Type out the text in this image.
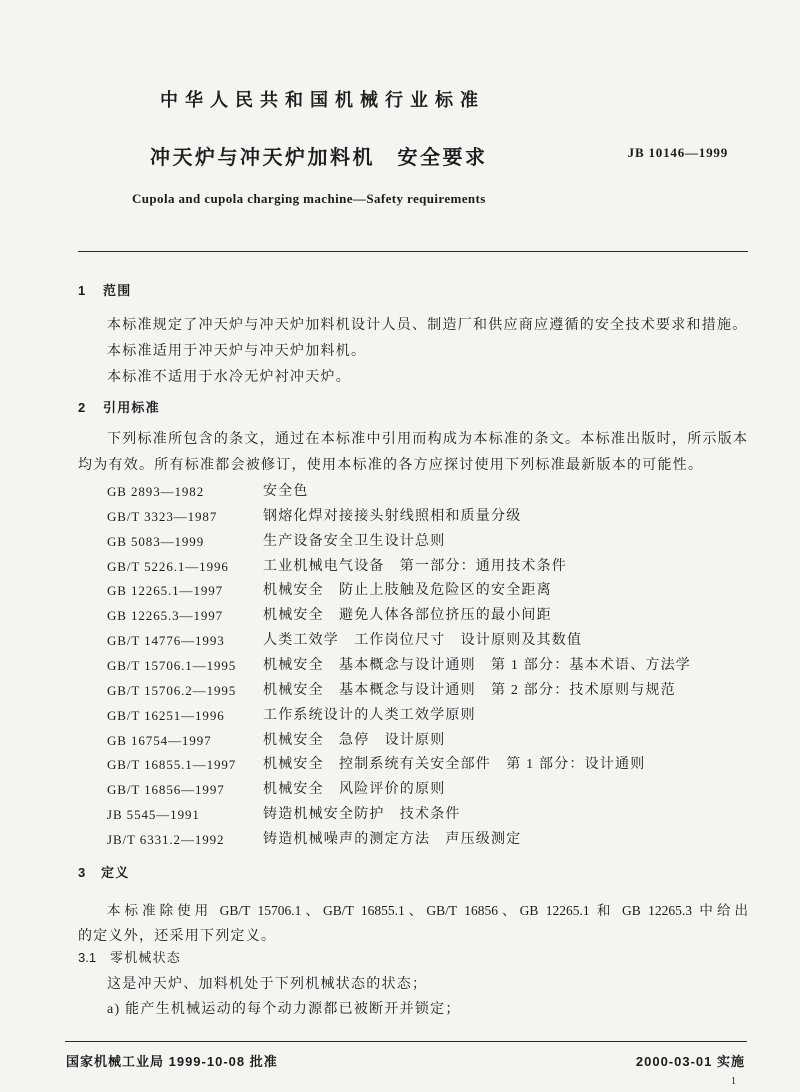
中华人民共和国机械行业标准
冲天炉与冲天炉加料机　安全要求	JB 10146—1999
Cupola and cupola charging machine—Safety requirements
1 范围
本标准规定了冲天炉与冲天炉加料机设计人员、制造厂和供应商应遵循的安全技术要求和措施。
本标准适用于冲天炉与冲天炉加料机。
本标准不适用于水冷无炉衬冲天炉。
2 引用标准
下列标准所包含的条文，通过在本标准中引用而构成为本标准的条文。本标准出版时，所示版本
均为有效。所有标准都会被修订，使用本标准的各方应探讨使用下列标准最新版本的可能性。
GB 2893—1982	安全色
GB/T 3323—1987	钢熔化焊对接接头射线照相和质量分级
GB 5083—1999	生产设备安全卫生设计总则
GB/T 5226.1—1996 工业机械电气设备　第一部分：通用技术条件
GB 12265.1—1997	机械安全　防止上肢触及危险区的安全距离
GB 12265.3—1997	机械安全　避免人体各部位挤压的最小间距
GB/T 14776—1993	人类工效学　工作岗位尺寸　设计原则及其数值
GB/T 15706.1—1995 机械安全　基本概念与设计通则　第 1 部分：基本术语、方法学
GB/T 15706.2—1995 机械安全　基本概念与设计通则　第 2 部分：技术原则与规范
GB/T 16251—1996	工作系统设计的人类工效学原则
GB 16754—1997	机械安全　急停　设计原则
GB/T 16855.1—1997 机械安全　控制系统有关安全部件　第 1 部分：设计通则
GB/T 16856—1997	机械安全　风险评价的原则
JB 5545—1991	铸造机械安全防护　技术条件
JB/T 6331.2—1992	铸造机械噪声的测定方法　声压级测定
3 定义
本标准除使用 GB/T 15706.1、GB/T 16855.1、GB/T 16856、GB 12265.1 和 GB 12265.3 中给出
的定义外，还采用下列定义。
3.1 零机械状态
这是冲天炉、加料机处于下列机械状态的状态；
a) 能产生机械运动的每个动力源都已被断开并锁定；
国家机械工业局 1999-10-08 批准	2000-03-01 实施
1
